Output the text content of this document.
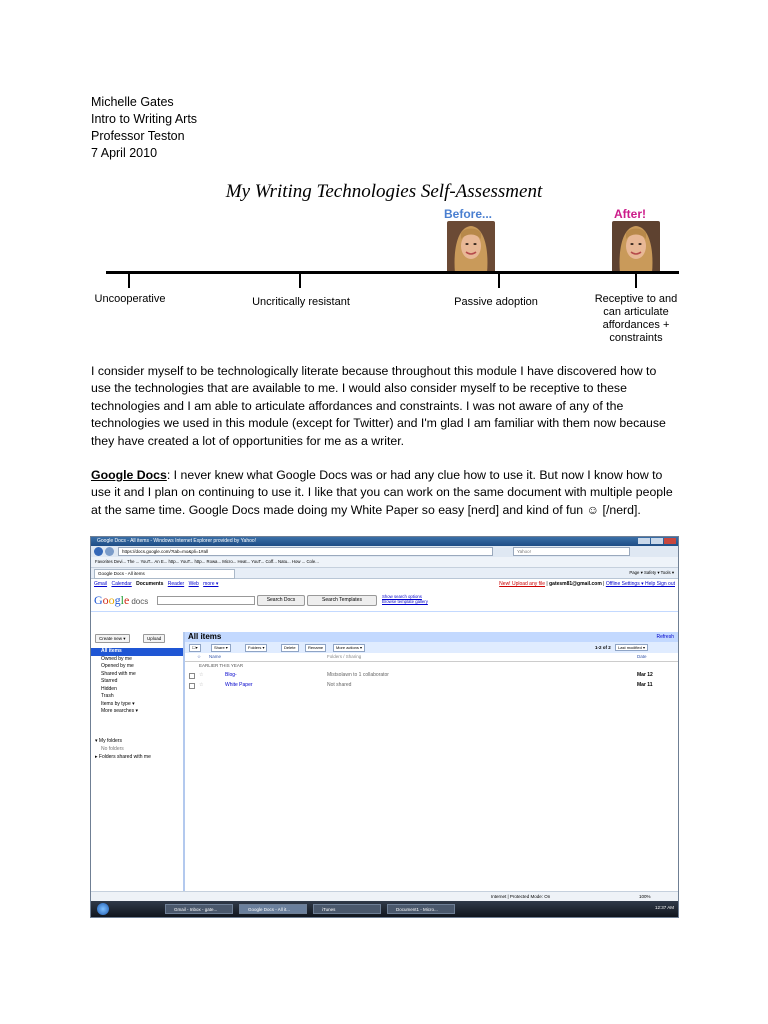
Michelle Gates
Intro to Writing Arts
Professor Teston
7 April 2010
My Writing Technologies Self-Assessment
Before...	After!
Uncooperative	Uncritically resistant	Passive adoption	Receptive to and can articulate affordances + constraints
I consider myself to be technologically literate because throughout this module I have discovered how to use the technologies that are available to me. I would also consider myself to be receptive to these technologies and I am able to articulate affordances and constraints. I was not aware of any of the technologies we used in this module (except for Twitter) and I'm glad I am familiar with them now because they have created a lot of opportunities for me as a writer.
Google Docs: I never knew what Google Docs was or had any clue how to use it. But now I know how to use it and I plan on continuing to use it. I like that you can work on the same document with multiple people at the same time. Google Docs made doing my White Paper so easy [nerd] and kind of fun ☺ [/nerd].
Google Docs - All items - Windows Internet Explorer provided by Yahoo!
https://docs.google.com/?tab=mo&pli=1#all	Yahoo!
Favorites Devi... The ... YouT... An E... http... YouT... http... Rowa... Micro... Heat... YouT... Coff... Natu... How ... Cole...
Google Docs - All items	Page ▾ Safety ▾ Tools ▾
Gmail Calendar Documents Reader Web more ▾	New! Upload any file | gatesm81@gmail.com | Offline Settings ▾ Help Sign out
Google docs	Search Docs	Search Templates
Show search options
Browse template gallery
Create new ▾	Upload
All items
Owned by me
Opened by me
Shared with me
Starred
Hidden
Trash
Items by type ▾
More searches ▾
▾ My folders
No folders
▸ Folders shared with me
All items	Refresh
☐▾	Share ▾	Folders ▾	Delete	Rename	More actions ▾	1-2 of 2 Last modified ▾
☆ Name	Folders / Sharing	Date
EARLIER THIS YEAR
☆	Blog-	Mistsolawn to 1 collaborator	Mar 12
☆	White Paper	Not shared	Mar 11
Internet | Protected Mode: On	100%
Gmail - Inbox - gate...	Google Docs - All it...	iTunes	Document1 - Micro...	12:37 AM
